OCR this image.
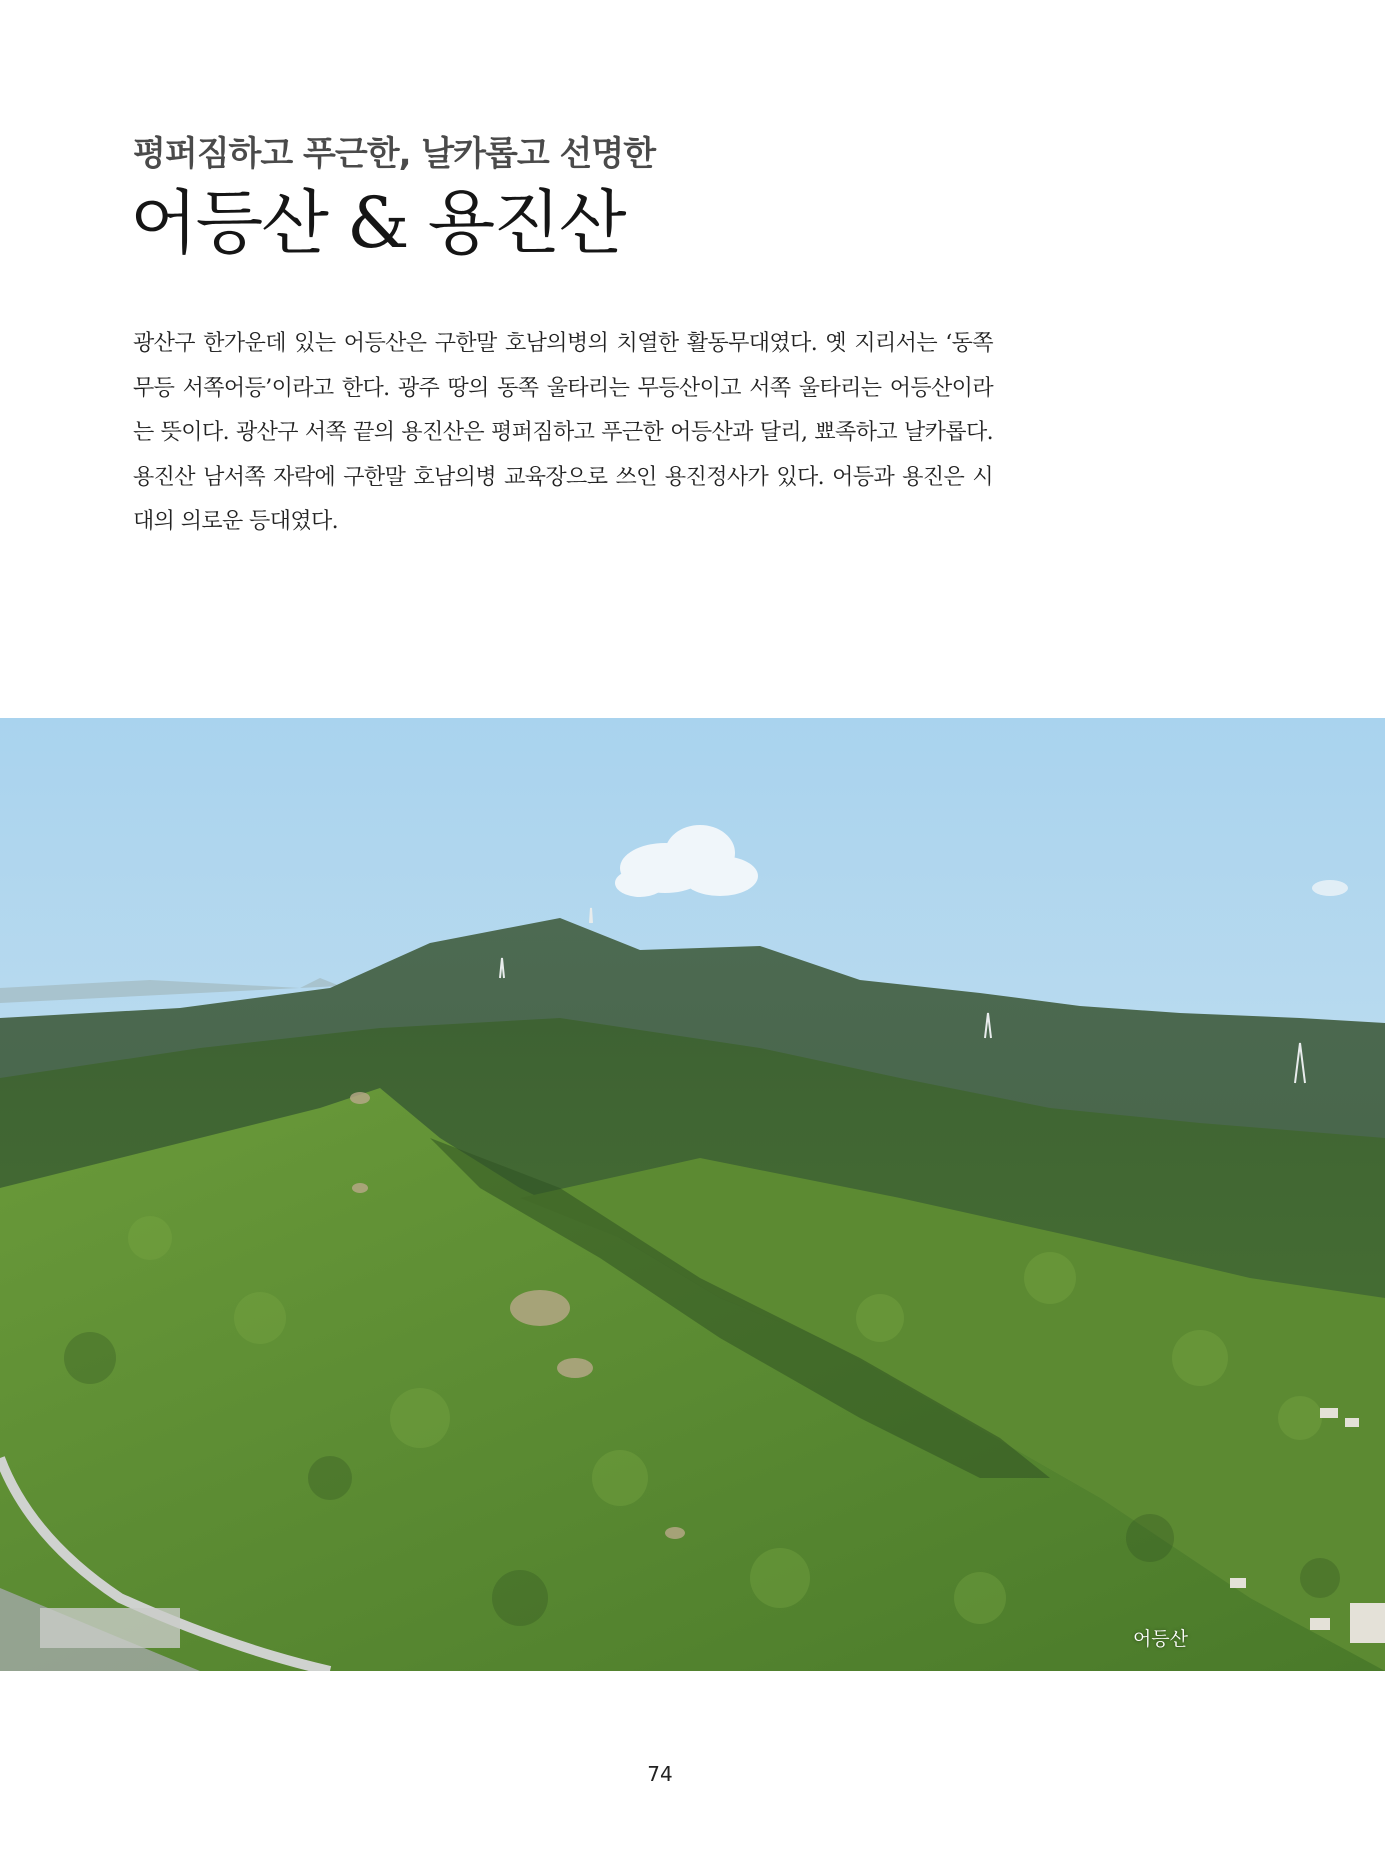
평퍼짐하고 푸근한, 날카롭고 선명한
어등산 & 용진산

광산구 한가운데 있는 어등산은 구한말 호남의병의 치열한 활동무대였다. 옛 지리서는 ‘동쪽무등 서쪽어등’이라고 한다. 광주 땅의 동쪽 울타리는 무등산이고 서쪽 울타리는 어등산이라는 뜻이다. 광산구 서쪽 끝의 용진산은 평퍼짐하고 푸근한 어등산과 달리, 뾰족하고 날카롭다. 용진산 남서쪽 자락에 구한말 호남의병 교육장으로 쓰인 용진정사가 있다. 어등과 용진은 시대의 의로운 등대였다.

어등산
74
